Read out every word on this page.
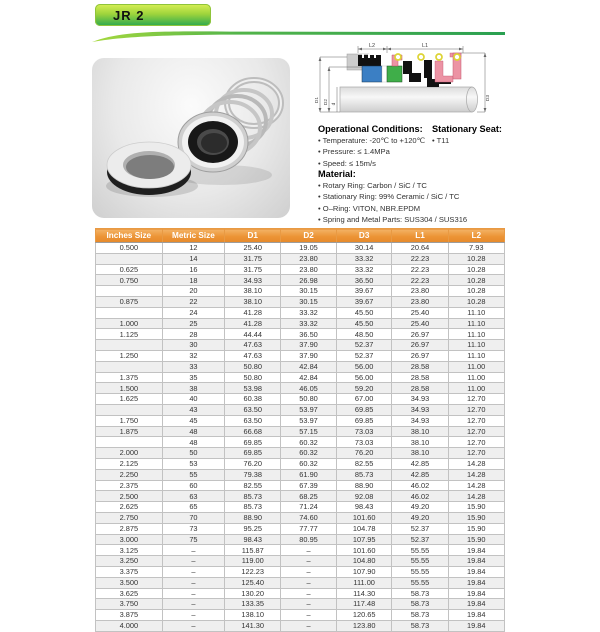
JR 2
L2	L1
D1 D2 d
D3
Operational Conditions:
• Temperature: -20℃ to +120℃
• Pressure: ≤ 1.4MPa
• Speed: ≤ 15m/s
Stationary Seat:
• T11
Material:
• Rotary Ring: Carbon / SiC / TC
• Stationary Ring: 99% Ceramic / SiC / TC
• O–Ring: VITON, NBR.EPDM
• Spring and Metal Parts: SUS304 / SUS316
Inches Size	Metric Size	D1	D2	D3	L1	L2
0.500	12	25.40	19.05	30.14	20.64	7.93
	14	31.75	23.80	33.32	22.23	10.28
0.625	16	31.75	23.80	33.32	22.23	10.28
0.750	18	34.93	26.98	36.50	22.23	10.28
	20	38.10	30.15	39.67	23.80	10.28
0.875	22	38.10	30.15	39.67	23.80	10.28
	24	41.28	33.32	45.50	25.40	11.10
1.000	25	41.28	33.32	45.50	25.40	11.10
1.125	28	44.44	36.50	48.50	26.97	11.10
	30	47.63	37.90	52.37	26.97	11.10
1.250	32	47.63	37.90	52.37	26.97	11.10
	33	50.80	42.84	56.00	28.58	11.00
1.375	35	50.80	42.84	56.00	28.58	11.00
1.500	38	53.98	46.05	59.20	28.58	11.00
1.625	40	60.38	50.80	67.00	34.93	12.70
	43	63.50	53.97	69.85	34.93	12.70
1.750	45	63.50	53.97	69.85	34.93	12.70
1.875	48	66.68	57.15	73.03	38.10	12.70
	48	69.85	60.32	73.03	38.10	12.70
2.000	50	69.85	60.32	76.20	38.10	12.70
2.125	53	76.20	60.32	82.55	42.85	14.28
2.250	55	79.38	61.90	85.73	42.85	14.28
2.375	60	82.55	67.39	88.90	46.02	14.28
2.500	63	85.73	68.25	92.08	46.02	14.28
2.625	65	85.73	71.24	98.43	49.20	15.90
2.750	70	88.90	74.60	101.60	49.20	15.90
2.875	73	95.25	77.77	104.78	52.37	15.90
3.000	75	98.43	80.95	107.95	52.37	15.90
3.125	–	115.87	–	101.60	55.55	19.84
3.250	–	119.00	–	104.80	55.55	19.84
3.375	–	122.23	–	107.90	55.55	19.84
3.500	–	125.40	–	111.00	55.55	19.84
3.625	–	130.20	–	114.30	58.73	19.84
3.750	–	133.35	–	117.48	58.73	19.84
3.875	–	138.10	–	120.65	58.73	19.84
4.000	–	141.30	–	123.80	58.73	19.84
